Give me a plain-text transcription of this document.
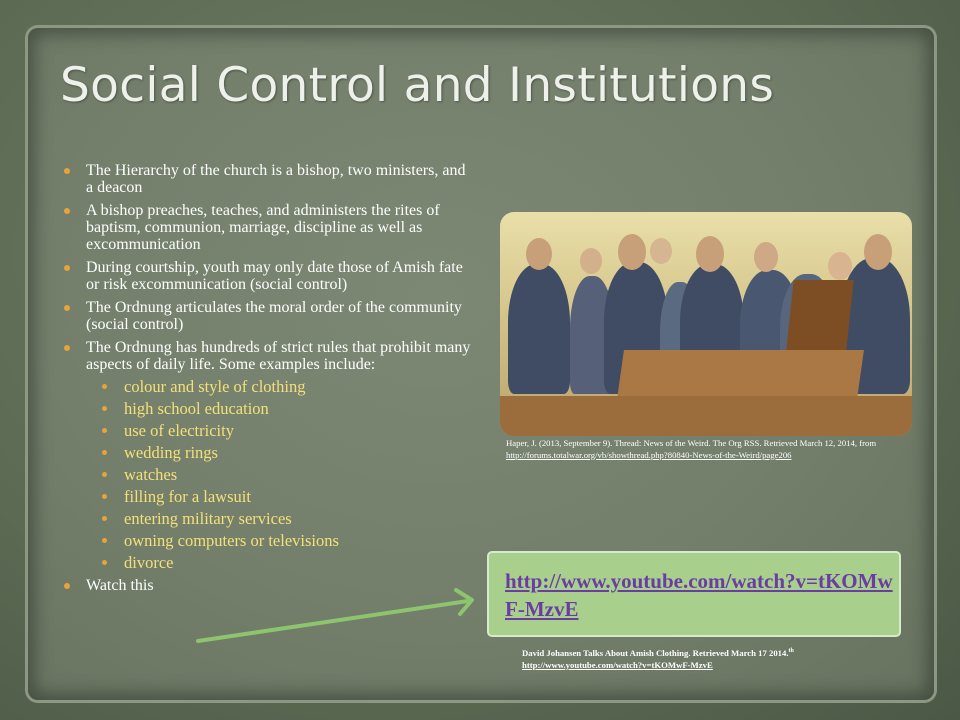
Social Control and Institutions
The Hierarchy of the church is a bishop, two ministers, and a deacon
A bishop preaches, teaches, and administers the rites of baptism, communion, marriage, discipline as well as excommunication
During courtship, youth may only date those of Amish fate or risk excommunication (social control)
The Ordnung articulates the moral order of the community (social control)
The Ordnung has hundreds of strict rules that prohibit many aspects of daily life. Some examples include:
colour and style of clothing
high school education
use of electricity
wedding rings
watches
filling for a lawsuit
entering military services
owning computers or televisions
divorce
Watch this
Haper, J. (2013, September 9). Thread: News of the Weird. The Org RSS. Retrieved March 12, 2014, from http://forums.totalwar.org/vb/showthread.php?80840-News-of-the-Weird/page206
http://www.youtube.com/watch?v=tKOMwF-MzvE
David Johansen Talks About Amish Clothing. Retrieved March 17 2014.$^{th}$
http://www.youtube.com/watch?v=tKOMwF-MzvE
